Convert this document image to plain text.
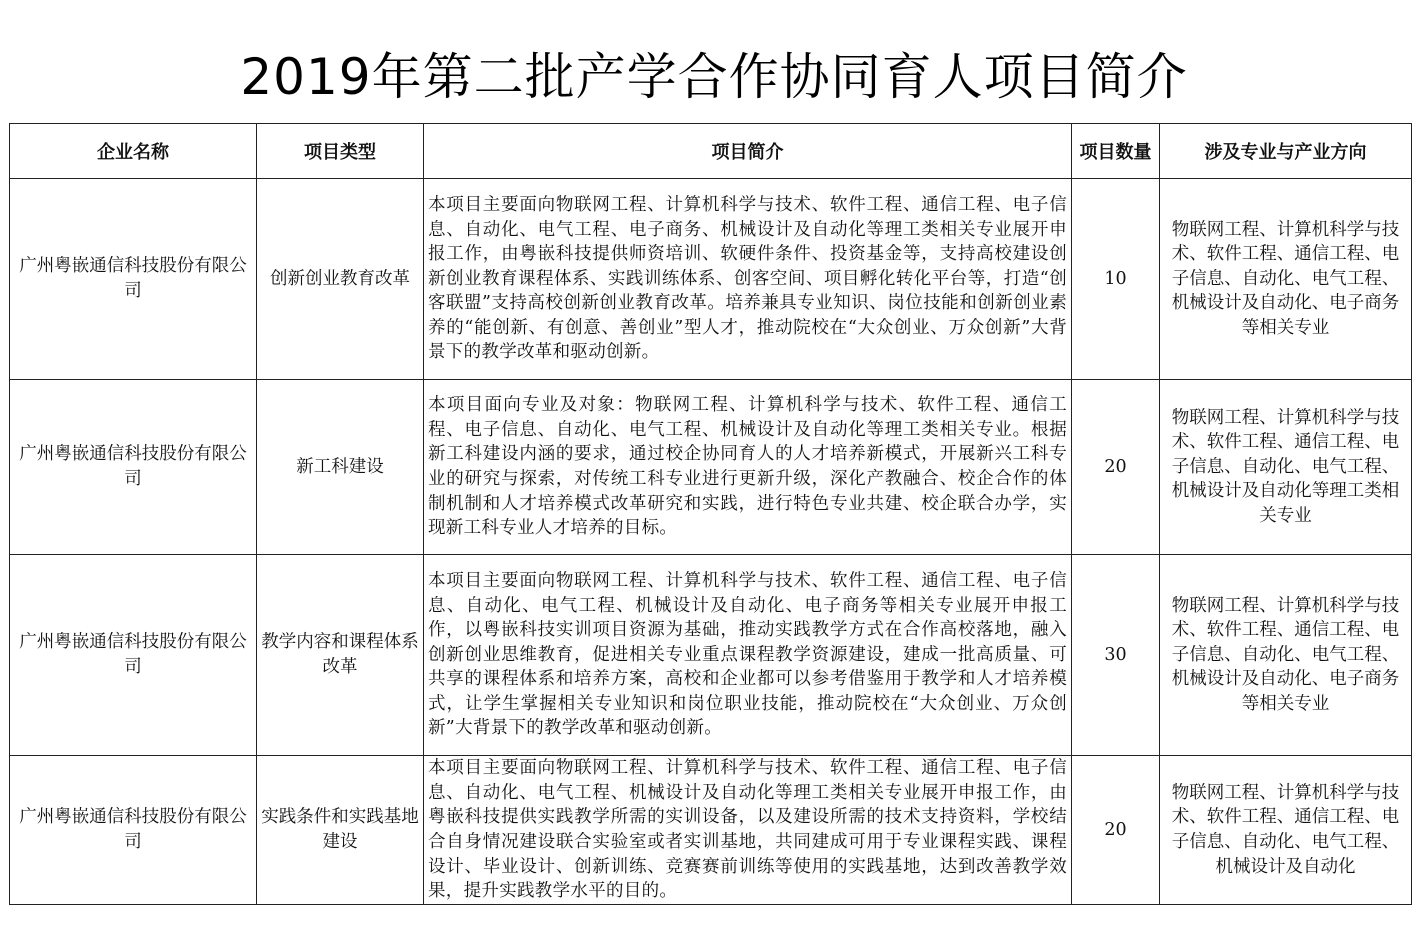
2019年第二批产学合作协同育人项目简介
企业名称	项目类型	项目简介	项目数量	涉及专业与产业方向
广州粤嵌通信科技股份有限公司	创新创业教育改革	本项目主要面向物联网工程、计算机科学与技术、软件工程、通信工程、电子信息、自动化、电气工程、电子商务、机械设计及自动化等理工类相关专业展开申报工作，由粤嵌科技提供师资培训、软硬件条件、投资基金等，支持高校建设创新创业教育课程体系、实践训练体系、创客空间、项目孵化转化平台等，打造“创客联盟”支持高校创新创业教育改革。培养兼具专业知识、岗位技能和创新创业素养的“能创新、有创意、善创业”型人才，推动院校在“大众创业、万众创新”大背景下的教学改革和驱动创新。	10	物联网工程、计算机科学与技术、软件工程、通信工程、电子信息、自动化、电气工程、机械设计及自动化、电子商务等相关专业
广州粤嵌通信科技股份有限公司	新工科建设	本项目面向专业及对象：物联网工程、计算机科学与技术、软件工程、通信工程、电子信息、自动化、电气工程、机械设计及自动化等理工类相关专业。根据新工科建设内涵的要求，通过校企协同育人的人才培养新模式，开展新兴工科专业的研究与探索，对传统工科专业进行更新升级，深化产教融合、校企合作的体制机制和人才培养模式改革研究和实践，进行特色专业共建、校企联合办学，实现新工科专业人才培养的目标。	20	物联网工程、计算机科学与技术、软件工程、通信工程、电子信息、自动化、电气工程、机械设计及自动化等理工类相关专业
广州粤嵌通信科技股份有限公司	教学内容和课程体系改革	本项目主要面向物联网工程、计算机科学与技术、软件工程、通信工程、电子信息、自动化、电气工程、机械设计及自动化、电子商务等相关专业展开申报工作，以粤嵌科技实训项目资源为基础，推动实践教学方式在合作高校落地，融入创新创业思维教育，促进相关专业重点课程教学资源建设，建成一批高质量、可共享的课程体系和培养方案，高校和企业都可以参考借鉴用于教学和人才培养模式，让学生掌握相关专业知识和岗位职业技能，推动院校在“大众创业、万众创新”大背景下的教学改革和驱动创新。	30	物联网工程、计算机科学与技术、软件工程、通信工程、电子信息、自动化、电气工程、机械设计及自动化、电子商务等相关专业
广州粤嵌通信科技股份有限公司	实践条件和实践基地建设	本项目主要面向物联网工程、计算机科学与技术、软件工程、通信工程、电子信息、自动化、电气工程、机械设计及自动化等理工类相关专业展开申报工作，由粤嵌科技提供实践教学所需的实训设备，以及建设所需的技术支持资料，学校结合自身情况建设联合实验室或者实训基地，共同建成可用于专业课程实践、课程设计、毕业设计、创新训练、竞赛赛前训练等使用的实践基地，达到改善教学效果，提升实践教学水平的目的。	20	物联网工程、计算机科学与技术、软件工程、通信工程、电子信息、自动化、电气工程、机械设计及自动化
